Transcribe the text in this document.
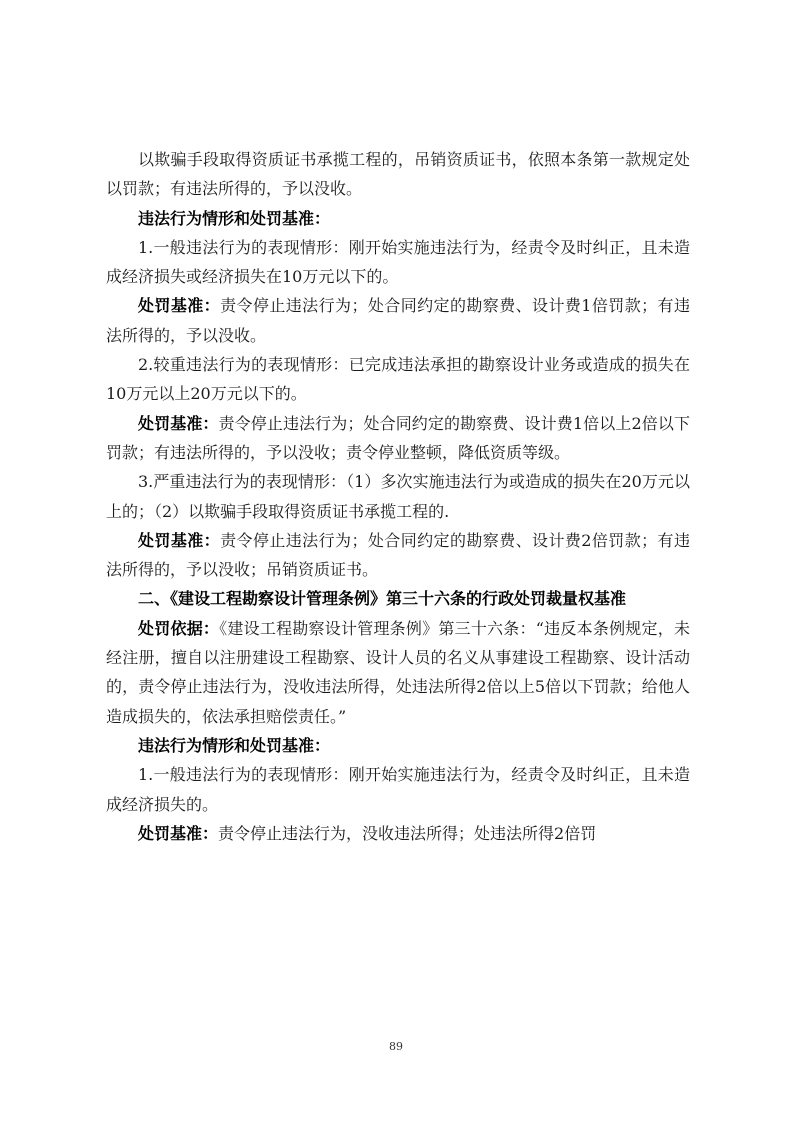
以欺骗手段取得资质证书承揽工程的，吊销资质证书，依照本条第一款规定处以罚款；有违法所得的，予以没收。

违法行为情形和处罚基准：

1.一般违法行为的表现情形：刚开始实施违法行为，经责令及时纠正，且未造成经济损失或经济损失在10万元以下的。

处罚基准：责令停止违法行为；处合同约定的勘察费、设计费1倍罚款；有违法所得的，予以没收。

2.较重违法行为的表现情形：已完成违法承担的勘察设计业务或造成的损失在10万元以上20万元以下的。

处罚基准：责令停止违法行为；处合同约定的勘察费、设计费1倍以上2倍以下罚款；有违法所得的，予以没收；责令停业整顿，降低资质等级。

3.严重违法行为的表现情形：（1）多次实施违法行为或造成的损失在20万元以上的；（2）以欺骗手段取得资质证书承揽工程的.

处罚基准：责令停止违法行为；处合同约定的勘察费、设计费2倍罚款；有违法所得的，予以没收；吊销资质证书。

二、《建设工程勘察设计管理条例》第三十六条的行政处罚裁量权基准

处罚依据：《建设工程勘察设计管理条例》第三十六条：“违反本条例规定，未经注册，擅自以注册建设工程勘察、设计人员的名义从事建设工程勘察、设计活动的，责令停止违法行为，没收违法所得，处违法所得2倍以上5倍以下罚款；给他人造成损失的，依法承担赔偿责任。”

违法行为情形和处罚基准：

1.一般违法行为的表现情形：刚开始实施违法行为，经责令及时纠正，且未造成经济损失的。

处罚基准：责令停止违法行为，没收违法所得；处违法所得2倍罚

89
